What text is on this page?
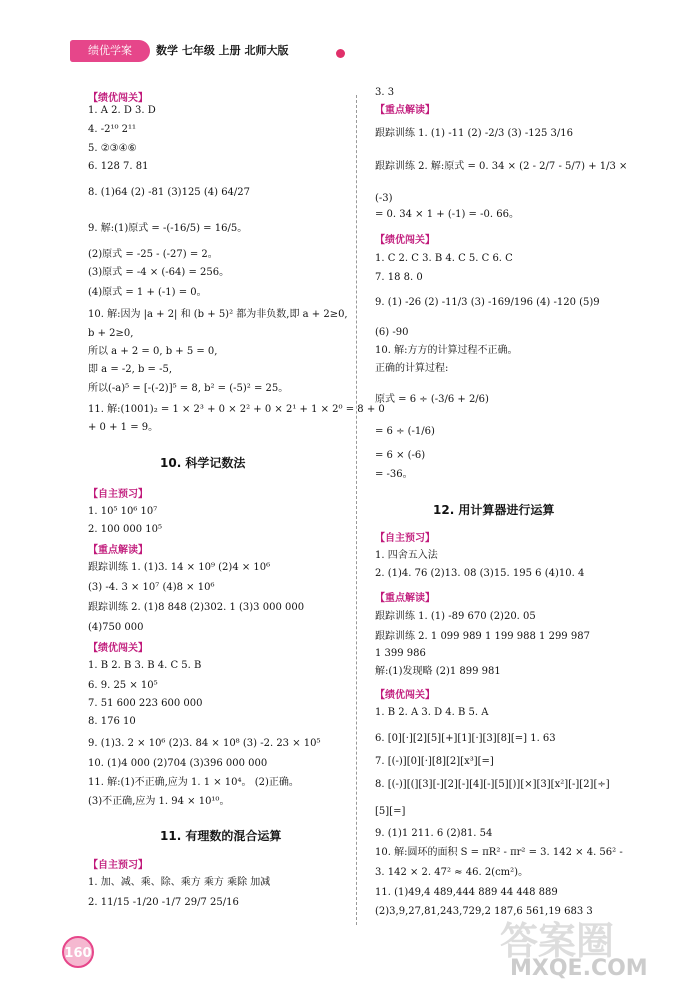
绩优学案	数学 七年级 上册 北师大版
160	答案圈
MXQE.COM
【绩优闯关】
1. A 2. D 3. D
4. -2¹⁰ 2¹¹
5. ②③④⑥
6. 128 7. 81
8. (1)64 (2) -81 (3)125 (4) 64/27
9. 解:(1)原式 = -(-16/5) = 16/5。
(2)原式 = -25 - (-27) = 2。
(3)原式 = -4 × (-64) = 256。
(4)原式 = 1 + (-1) = 0。
10. 解:因为 |a + 2| 和 (b + 5)² 都为非负数,即 a + 2≥0,
b + 2≥0,
所以 a + 2 = 0, b + 5 = 0,
即 a = -2, b = -5,
所以(-a)⁵ = [-(-2)]⁵ = 8, b² = (-5)² = 25。
11. 解:(1001)₂ = 1 × 2³ + 0 × 2² + 0 × 2¹ + 1 × 2⁰ = 8 + 0
+ 0 + 1 = 9。
10. 科学记数法
【自主预习】
1. 10⁵ 10⁶ 10⁷
2. 100 000 10⁵
【重点解读】
跟踪训练 1. (1)3. 14 × 10⁹ (2)4 × 10⁶
(3) -4. 3 × 10⁷ (4)8 × 10⁶
跟踪训练 2. (1)8 848 (2)302. 1 (3)3 000 000
(4)750 000
【绩优闯关】
1. B 2. B 3. B 4. C 5. B
6. 9. 25 × 10⁵
7. 51 600 223 600 000
8. 176 10
9. (1)3. 2 × 10⁶ (2)3. 84 × 10⁸ (3) -2. 23 × 10⁵
10. (1)4 000 (2)704 (3)396 000 000
11. 解:(1)不正确,应为 1. 1 × 10⁴。 (2)正确。
(3)不正确,应为 1. 94 × 10¹⁰。
11. 有理数的混合运算
【自主预习】
1. 加、减、乘、除、乘方 乘方 乘除 加减
2. 11/15 -1/20 -1/7 29/7 25/16
3. 3
【重点解读】
跟踪训练 1. (1) -11 (2) -2/3 (3) -125 3/16
跟踪训练 2. 解:原式 = 0. 34 × (2 - 2/7 - 5/7) + 1/3 ×
(-3)
= 0. 34 × 1 + (-1) = -0. 66。
【绩优闯关】
1. C 2. C 3. B 4. C 5. C 6. C
7. 18 8. 0
9. (1) -26 (2) -11/3 (3) -169/196 (4) -120 (5)9
(6) -90
10. 解:方方的计算过程不正确。
正确的计算过程:
原式 = 6 ÷ (-3/6 + 2/6)
= 6 ÷ (-1/6)
= 6 × (-6)
= -36。
12. 用计算器进行运算
【自主预习】
1. 四舍五入法
2. (1)4. 76 (2)13. 08 (3)15. 195 6 (4)10. 4
【重点解读】
跟踪训练 1. (1) -89 670 (2)20. 05
跟踪训练 2. 1 099 989 1 199 988 1 299 987
1 399 986
解:(1)发现略 (2)1 899 981
【绩优闯关】
1. B 2. A 3. D 4. B 5. A
6. [0][·][2][5][+][1][·][3][8][=] 1. 63
7. [(-)][0][·][8][2][x³][=]
8. [(-)][(][3][-][2][-][4][-][5][)][×][3][x²][-][2][÷]
[5][=]
9. (1)1 211. 6 (2)81. 54
10. 解:圆环的面积 S = πR² - πr² = 3. 142 × 4. 56² -
3. 142 × 2. 47² ≈ 46. 2(cm²)。
11. (1)49,4 489,444 889 44 448 889
(2)3,9,27,81,243,729,2 187,6 561,19 683 3
